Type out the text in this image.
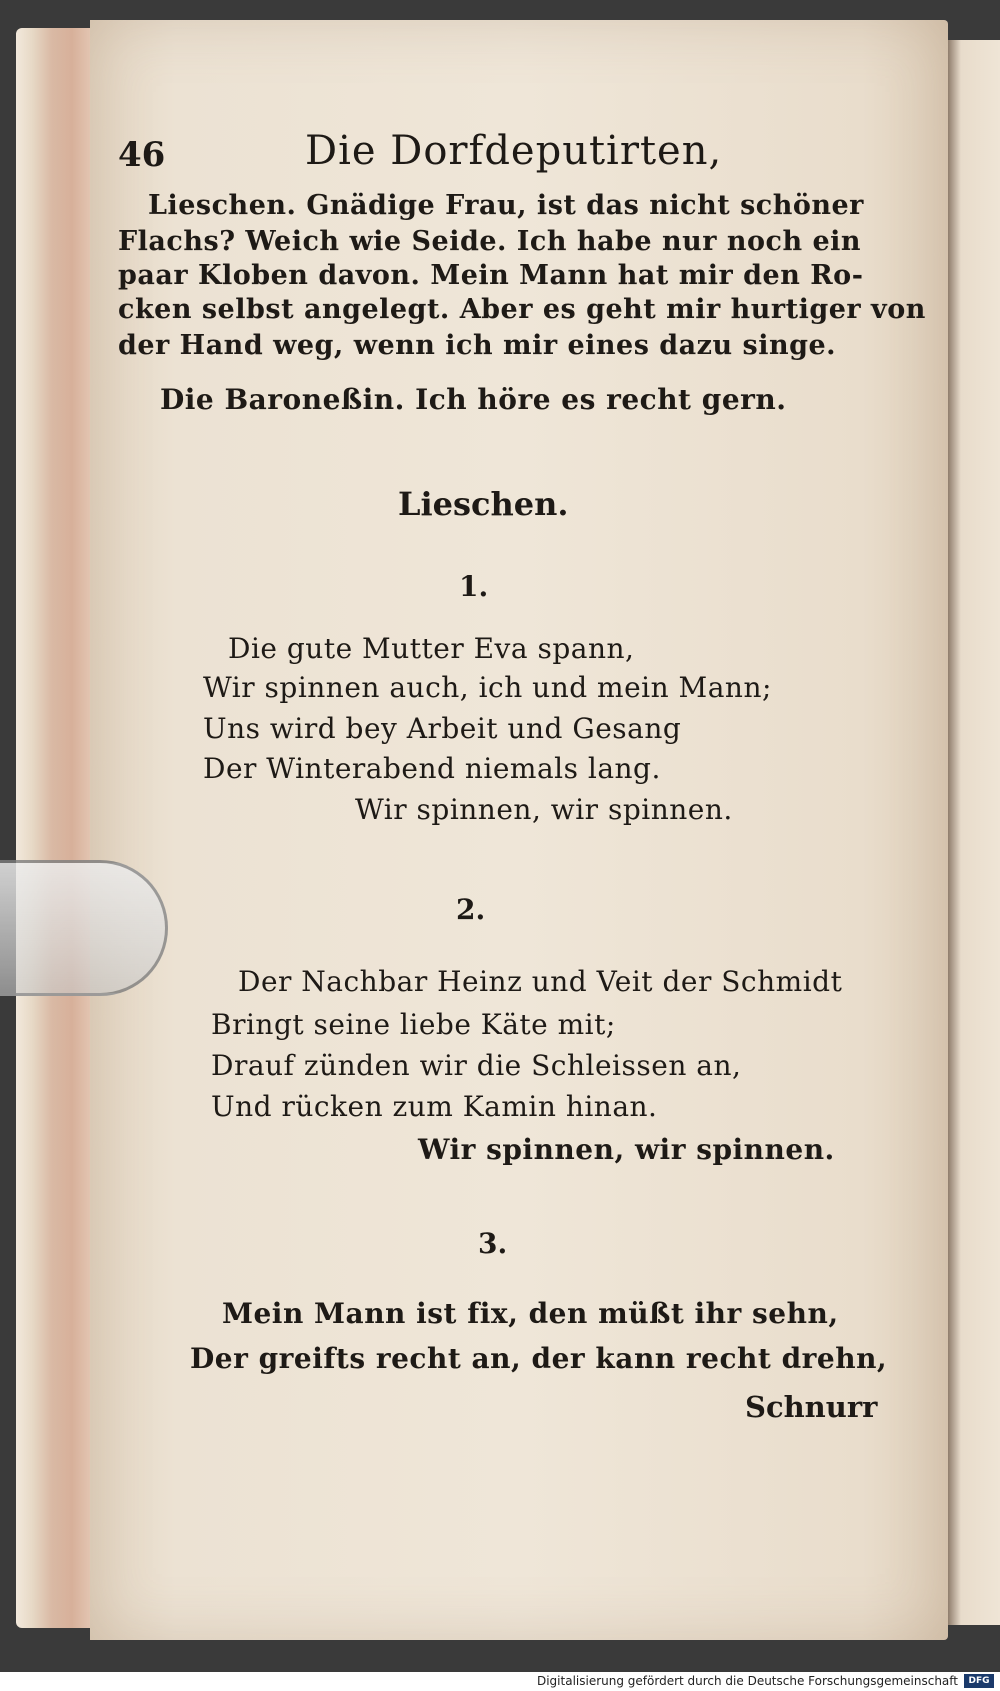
46	Die Dorfdeputirten,
Lieschen. Gnädige Frau, ist das nicht schöner
Flachs? Weich wie Seide. Ich habe nur noch ein
paar Kloben davon. Mein Mann hat mir den Ro-
cken selbst angelegt. Aber es geht mir hurtiger von
der Hand weg, wenn ich mir eines dazu singe.
Die Baroneßin. Ich höre es recht gern.
Lieschen.
1.
Die gute Mutter Eva spann,
Wir spinnen auch, ich und mein Mann;
Uns wird bey Arbeit und Gesang
Der Winterabend niemals lang.
Wir spinnen, wir spinnen.
2.
Der Nachbar Heinz und Veit der Schmidt
Bringt seine liebe Käte mit;
Drauf zünden wir die Schleissen an,
Und rücken zum Kamin hinan.
Wir spinnen, wir spinnen.
3.
Mein Mann ist fix, den müßt ihr sehn,
Der greifts recht an, der kann recht drehn,
Schnurr
Digitalisierung gefördert durch die Deutsche Forschungsgemeinschaft	DFG
